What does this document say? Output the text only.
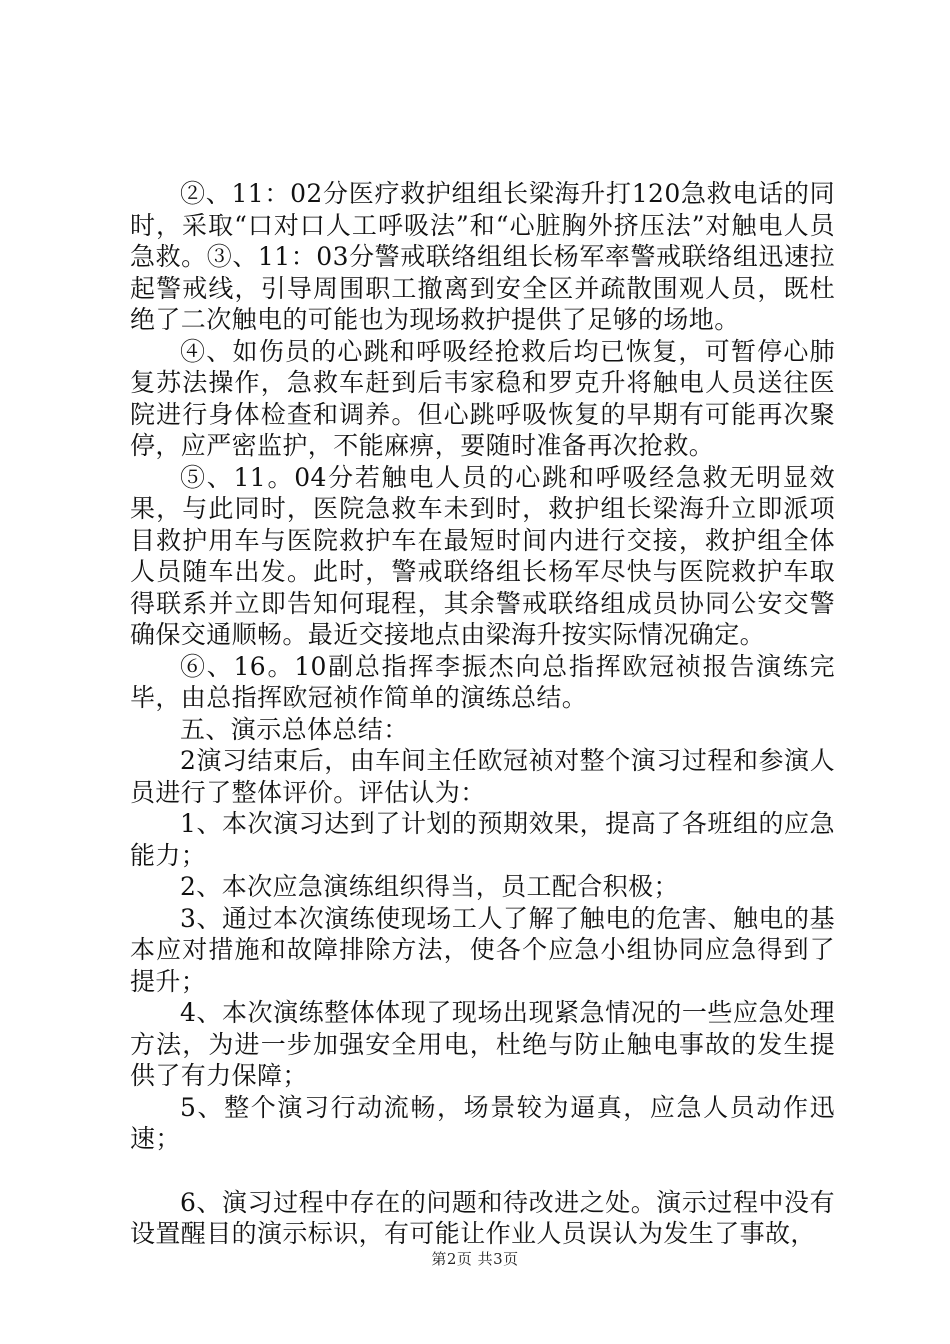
②、11：02分医疗救护组组长梁海升打120急救电话的同时，采取“口对口人工呼吸法”和“心脏胸外挤压法”对触电人员急救。③、11：03分警戒联络组组长杨军率警戒联络组迅速拉起警戒线，引导周围职工撤离到安全区并疏散围观人员，既杜绝了二次触电的可能也为现场救护提供了足够的场地。

④、如伤员的心跳和呼吸经抢救后均已恢复，可暂停心肺复苏法操作，急救车赶到后韦家稳和罗克升将触电人员送往医院进行身体检查和调养。但心跳呼吸恢复的早期有可能再次聚停，应严密监护，不能麻痹，要随时准备再次抢救。

⑤、11。04分若触电人员的心跳和呼吸经急救无明显效果，与此同时，医院急救车未到时，救护组长梁海升立即派项目救护用车与医院救护车在最短时间内进行交接，救护组全体人员随车出发。此时，警戒联络组长杨军尽快与医院救护车取得联系并立即告知何琨程，其余警戒联络组成员协同公安交警确保交通顺畅。最近交接地点由梁海升按实际情况确定。

⑥、16。10副总指挥李振杰向总指挥欧冠祯报告演练完毕，由总指挥欧冠祯作简单的演练总结。

五、演示总体总结：

2演习结束后，由车间主任欧冠祯对整个演习过程和参演人员进行了整体评价。评估认为：

1、本次演习达到了计划的预期效果，提高了各班组的应急能力；

2、本次应急演练组织得当，员工配合积极；

3、通过本次演练使现场工人了解了触电的危害、触电的基本应对措施和故障排除方法，使各个应急小组协同应急得到了提升；

4、本次演练整体体现了现场出现紧急情况的一些应急处理方法，为进一步加强安全用电，杜绝与防止触电事故的发生提供了有力保障；

5、整个演习行动流畅，场景较为逼真，应急人员动作迅速；

6、演习过程中存在的问题和待改进之处。演示过程中没有设置醒目的演示标识，有可能让作业人员误认为发生了事故，

第2页 共3页
